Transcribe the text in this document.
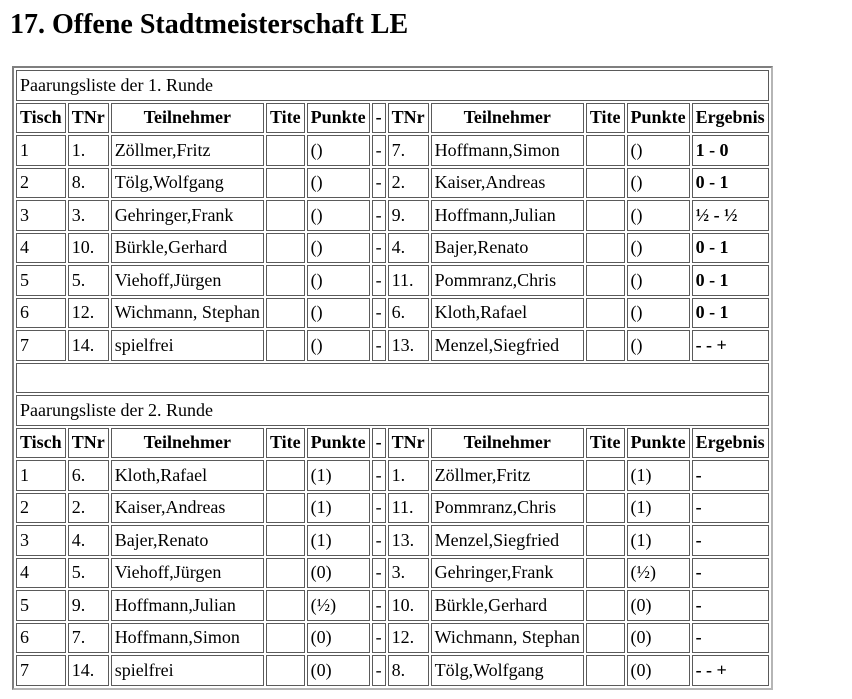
17. Offene Stadtmeisterschaft LE
Paarungsliste der 1. Runde										
Tisch	TNr	Teilnehmer	Tite	Punkte	-	TNr	Teilnehmer	Tite	Punkte	Ergebnis
1	1.	Zöllmer,Fritz		()	-	7.	Hoffmann,Simon		()	1 - 0
2	8.	Tölg,Wolfgang		()	-	2.	Kaiser,Andreas		()	0 - 1
3	3.	Gehringer,Frank		()	-	9.	Hoffmann,Julian		()	½ - ½
4	10.	Bürkle,Gerhard		()	-	4.	Bajer,Renato		()	0 - 1
5	5.	Viehoff,Jürgen		()	-	11.	Pommranz,Chris		()	0 - 1
6	12.	Wichmann, Stephan		()	-	6.	Kloth,Rafael		()	0 - 1
7	14.	spielfrei		()	-	13.	Menzel,Siegfried		()	- - +

Paarungsliste der 2. Runde										
Tisch	TNr	Teilnehmer	Tite	Punkte	-	TNr	Teilnehmer	Tite	Punkte	Ergebnis
1	6.	Kloth,Rafael		(1)	-	1.	Zöllmer,Fritz		(1)	-
2	2.	Kaiser,Andreas		(1)	-	11.	Pommranz,Chris		(1)	-
3	4.	Bajer,Renato		(1)	-	13.	Menzel,Siegfried		(1)	-
4	5.	Viehoff,Jürgen		(0)	-	3.	Gehringer,Frank		(½)	-
5	9.	Hoffmann,Julian		(½)	-	10.	Bürkle,Gerhard		(0)	-
6	7.	Hoffmann,Simon		(0)	-	12.	Wichmann, Stephan		(0)	-
7	14.	spielfrei		(0)	-	8.	Tölg,Wolfgang		(0)	- - +
